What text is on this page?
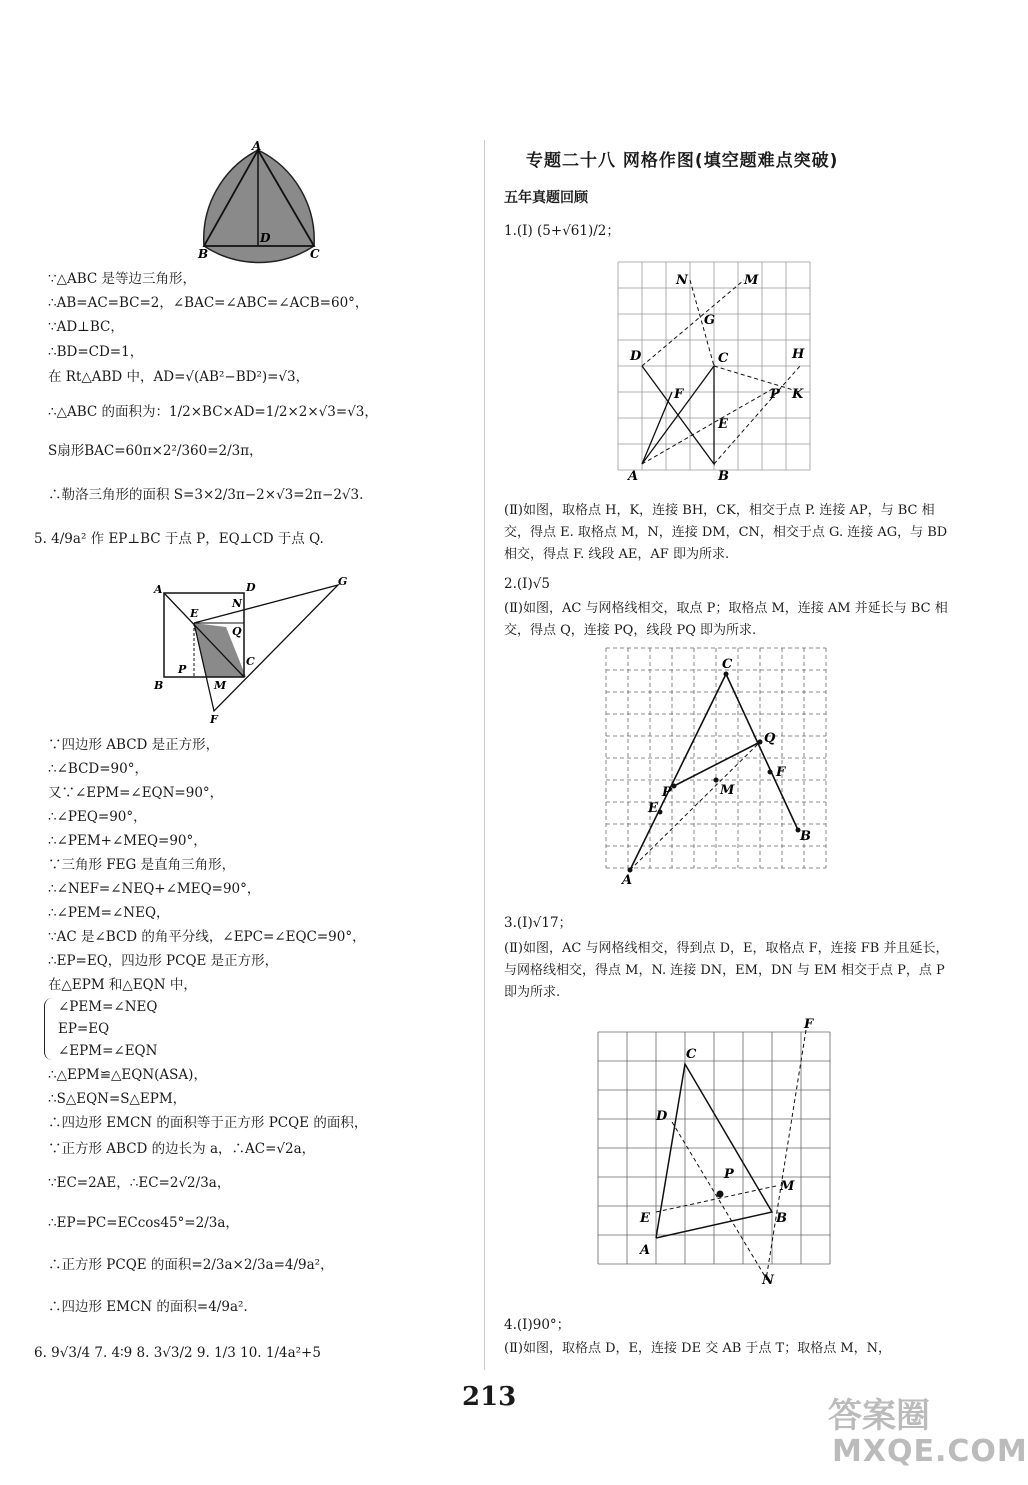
A
B	C
D
∵△ABC 是等边三角形，
∴AB=AC=BC=2，∠BAC=∠ABC=∠ACB=60°，
∵AD⊥BC，
∴BD=CD=1，
在 Rt△ABD 中，AD=√(AB²−BD²)=√3，
∴△ABC 的面积为：1/2×BC×AD=1/2×2×√3=√3，
S扇形BAC=60π×2²/360=2/3π，
∴勒洛三角形的面积 S=3×2/3π−2×√3=2π−2√3.
5. 4/9a² 作 EP⊥BC 于点 P，EQ⊥CD 于点 Q.
A
B
C
D
E
F
G
N
Q
P
M
∵四边形 ABCD 是正方形，
∴∠BCD=90°，
又∵∠EPM=∠EQN=90°，
∴∠PEQ=90°，
∴∠PEM+∠MEQ=90°，
∵三角形 FEG 是直角三角形，
∴∠NEF=∠NEQ+∠MEQ=90°，
∴∠PEM=∠NEQ，
∵AC 是∠BCD 的角平分线，∠EPC=∠EQC=90°，
∴EP=EQ，四边形 PCQE 是正方形，
在△EPM 和△EQN 中，
∠PEM=∠NEQ
EP=EQ
∠EPM=∠EQN
∴△EPM≌△EQN(ASA)，
∴S△EQN=S△EPM，
∴四边形 EMCN 的面积等于正方形 PCQE 的面积，
∵正方形 ABCD 的边长为 a，∴AC=√2a，
∵EC=2AE，∴EC=2√2/3a，
∴EP=PC=ECcos45°=2/3a，
∴正方形 PCQE 的面积=2/3a×2/3a=4/9a²，
∴四边形 EMCN 的面积=4/9a².
6. 9√3/4 7. 4∶9 8. 3√3/2 9. 1/3 10. 1/4a²+5
专题二十八 网格作图(填空题难点突破)
五年真题回顾
1.(Ⅰ) (5+√61)/2；
N	M
G
D	C	H
F	P K
E
A	B
(Ⅱ)如图，取格点 H，K，连接 BH，CK，相交于点 P. 连接 AP，与 BC 相交，得点 E. 取格点 M，N，连接 DM，CN，相交于点 G. 连接 AG，与 BD 相交，得点 F. 线段 AE，AF 即为所求.
2.(Ⅰ)√5
(Ⅱ)如图，AC 与网格线相交，取点 P；取格点 M，连接 AM 并延长与 BC 相交，得点 Q，连接 PQ，线段 PQ 即为所求.
C
Q
F
P	M
E
B
A
3.(Ⅰ)√17；
(Ⅱ)如图，AC 与网格线相交，得到点 D，E，取格点 F，连接 FB 并且延长，与网格线相交，得点 M，N. 连接 DN，EM，DN 与 EM 相交于点 P，点 P 即为所求.
F
C
D
P
M
E	B
A
N
4.(Ⅰ)90°；
(Ⅱ)如图，取格点 D，E，连接 DE 交 AB 于点 T；取格点 M，N，
213	答案圈
MXQE.COM
